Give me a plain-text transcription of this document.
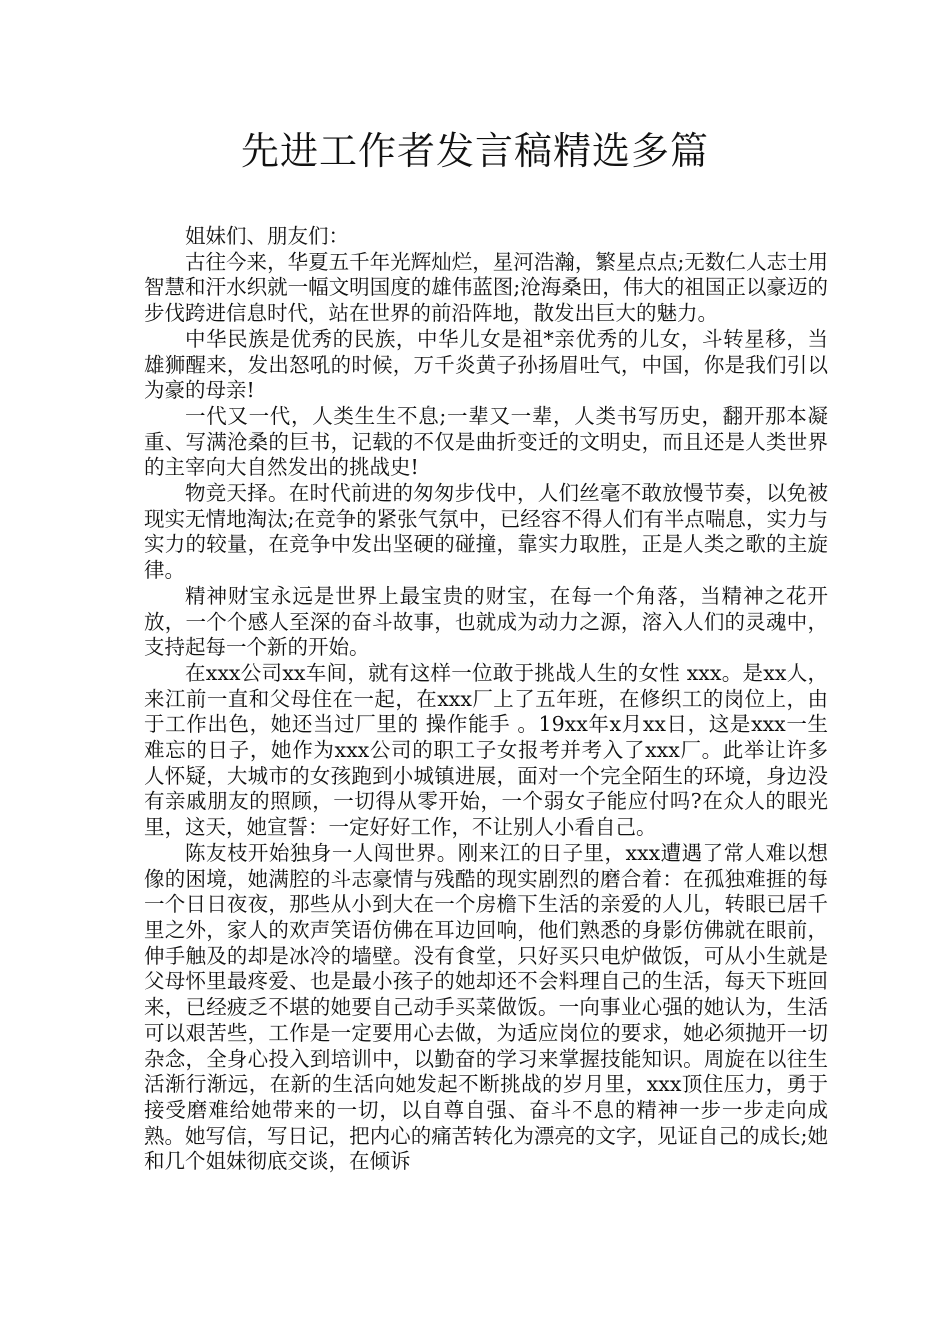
先进工作者发言稿精选多篇

姐妹们、朋友们：

古往今来，华夏五千年光辉灿烂，星河浩瀚，繁星点点;无数仁人志士用智慧和汗水织就一幅文明国度的雄伟蓝图;沧海桑田，伟大的祖国正以豪迈的步伐跨进信息时代，站在世界的前沿阵地，散发出巨大的魅力。

中华民族是优秀的民族，中华儿女是祖*亲优秀的儿女，斗转星移，当雄狮醒来，发出怒吼的时候，万千炎黄子孙扬眉吐气，中国，你是我们引以为豪的母亲!

一代又一代，人类生生不息;一辈又一辈，人类书写历史，翻开那本凝重、写满沧桑的巨书，记载的不仅是曲折变迁的文明史，而且还是人类世界的主宰向大自然发出的挑战史!

物竞天择。在时代前进的匆匆步伐中，人们丝毫不敢放慢节奏，以免被现实无情地淘汰;在竞争的紧张气氛中，已经容不得人们有半点喘息，实力与实力的较量，在竞争中发出坚硬的碰撞，靠实力取胜，正是人类之歌的主旋律。

精神财宝永远是世界上最宝贵的财宝，在每一个角落，当精神之花开放，一个个感人至深的奋斗故事，也就成为动力之源，溶入人们的灵魂中，支持起每一个新的开始。

在xxx公司xx车间，就有这样一位敢于挑战人生的女性 xxx。是xx人，来江前一直和父母住在一起，在xxx厂上了五年班，在修织工的岗位上，由于工作出色，她还当过厂里的 操作能手 。19xx年x月xx日，这是xxx一生难忘的日子，她作为xxx公司的职工子女报考并考入了xxx厂。此举让许多人怀疑，大城市的女孩跑到小城镇进展，面对一个完全陌生的环境，身边没有亲戚朋友的照顾，一切得从零开始，一个弱女子能应付吗?在众人的眼光里，这天，她宣誓：一定好好工作，不让别人小看自己。

陈友枝开始独身一人闯世界。刚来江的日子里，xxx遭遇了常人难以想像的困境，她满腔的斗志豪情与残酷的现实剧烈的磨合着：在孤独难捱的每一个日日夜夜，那些从小到大在一个房檐下生活的亲爱的人儿，转眼已居千里之外，家人的欢声笑语仿佛在耳边回响，他们熟悉的身影仿佛就在眼前，伸手触及的却是冰冷的墙壁。没有食堂，只好买只电炉做饭，可从小生就是父母怀里最疼爱、也是最小孩子的她却还不会料理自己的生活，每天下班回来，已经疲乏不堪的她要自己动手买菜做饭。一向事业心强的她认为，生活可以艰苦些，工作是一定要用心去做，为适应岗位的要求，她必须抛开一切杂念，全身心投入到培训中，以勤奋的学习来掌握技能知识。周旋在以往生活渐行渐远，在新的生活向她发起不断挑战的岁月里，xxx顶住压力，勇于接受磨难给她带来的一切，以自尊自强、奋斗不息的精神一步一步走向成熟。她写信，写日记，把内心的痛苦转化为漂亮的文字，见证自己的成长;她和几个姐妹彻底交谈，在倾诉
